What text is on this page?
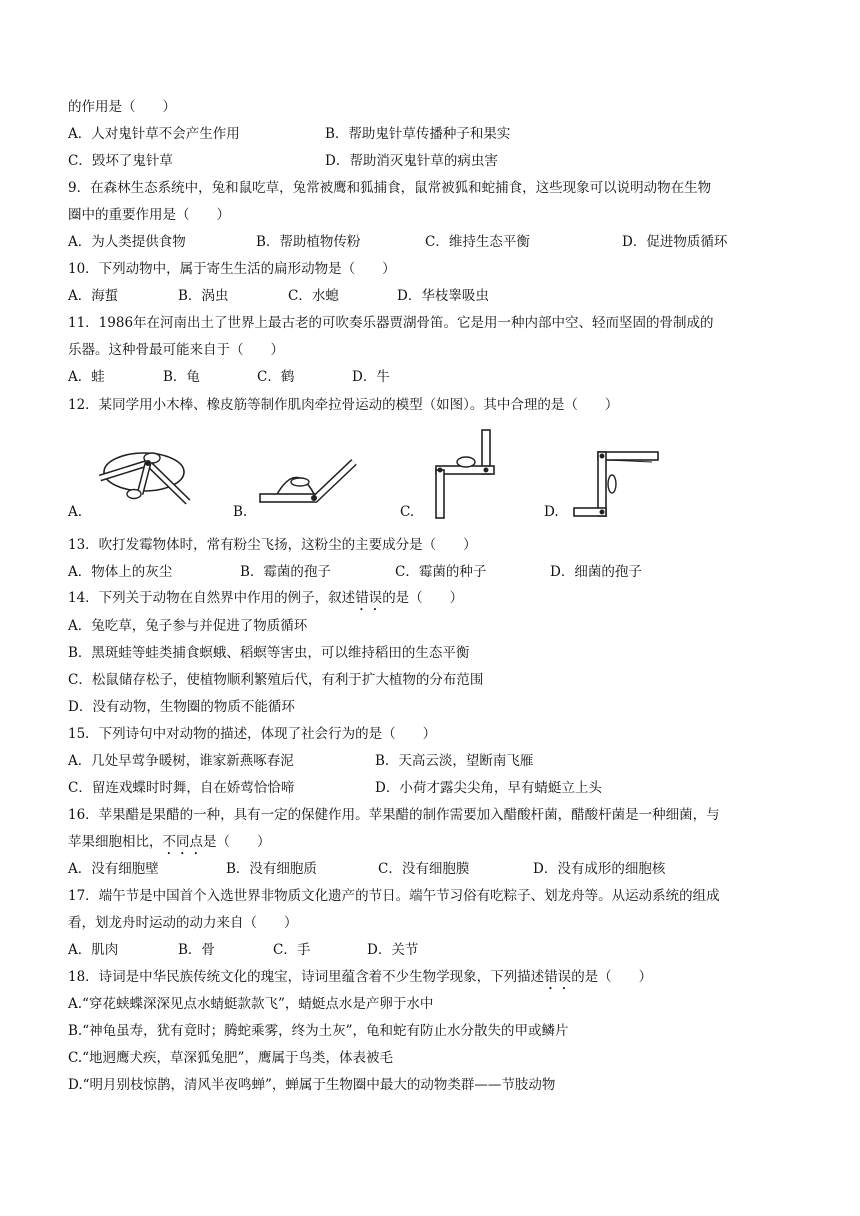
的作用是（　　）
A．人对鬼针草不会产生作用	B．帮助鬼针草传播种子和果实
C．毁坏了鬼针草	D．帮助消灭鬼针草的病虫害
9．在森林生态系统中，兔和鼠吃草，兔常被鹰和狐捕食，鼠常被狐和蛇捕食，这些现象可以说明动物在生物
圈中的重要作用是（　　）
A．为人类提供食物	B．帮助植物传粉	C．维持生态平衡	D．促进物质循环
10．下列动物中，属于寄生生活的扁形动物是（　　）
A．海蜇	B．涡虫	C．水螅	D．华枝睾吸虫
11．1986年在河南出土了世界上最古老的可吹奏乐器贾湖骨笛。它是用一种内部中空、轻而坚固的骨制成的
乐器。这种骨最可能来自于（　　）
A．蛙	B．龟	C．鹤	D．牛
12．某同学用小木棒、橡皮筋等制作肌肉牵拉骨运动的模型（如图）。其中合理的是（　　）
A.	B.	C.	D.
13．吹打发霉物体时，常有粉尘飞扬，这粉尘的主要成分是（　　）
A．物体上的灰尘	B．霉菌的孢子	C．霉菌的种子	D．细菌的孢子
14．下列关于动物在自然界中作用的例子，叙述错误的是（　　）
A．兔吃草，兔子参与并促进了物质循环
B．黑斑蛙等蛙类捕食螟蛾、稻螟等害虫，可以维持稻田的生态平衡
C．松鼠储存松子，使植物顺利繁殖后代，有利于扩大植物的分布范围
D．没有动物，生物圈的物质不能循环
15．下列诗句中对动物的描述，体现了社会行为的是（　　）
A．几处早莺争暖树，谁家新燕啄春泥	B．天高云淡，望断南飞雁
C．留连戏蝶时时舞，自在娇莺恰恰啼	D．小荷才露尖尖角，早有蜻蜓立上头
16．苹果醋是果醋的一种，具有一定的保健作用。苹果醋的制作需要加入醋酸杆菌，醋酸杆菌是一种细菌，与
苹果细胞相比，不同点是（　　）
A．没有细胞壁	B．没有细胞质	C．没有细胞膜	D．没有成形的细胞核
17．端午节是中国首个入选世界非物质文化遗产的节日。端午节习俗有吃粽子、划龙舟等。从运动系统的组成
看，划龙舟时运动的动力来自（　　）
A．肌肉	B．骨	C．手	D．关节
18．诗词是中华民族传统文化的瑰宝，诗词里蕴含着不少生物学现象，下列描述错误的是（　　）
A.“穿花蛱蝶深深见点水蜻蜓款款飞”，蜻蜓点水是产卵于水中
B.“神龟虽寿，犹有竟时；腾蛇乘雾，终为土灰”，龟和蛇有防止水分散失的甲或鳞片
C.“地迥鹰犬疾，草深狐兔肥”，鹰属于鸟类，体表被毛
D.“明月别枝惊鹊，清风半夜鸣蝉”，蝉属于生物圈中最大的动物类群——节肢动物
